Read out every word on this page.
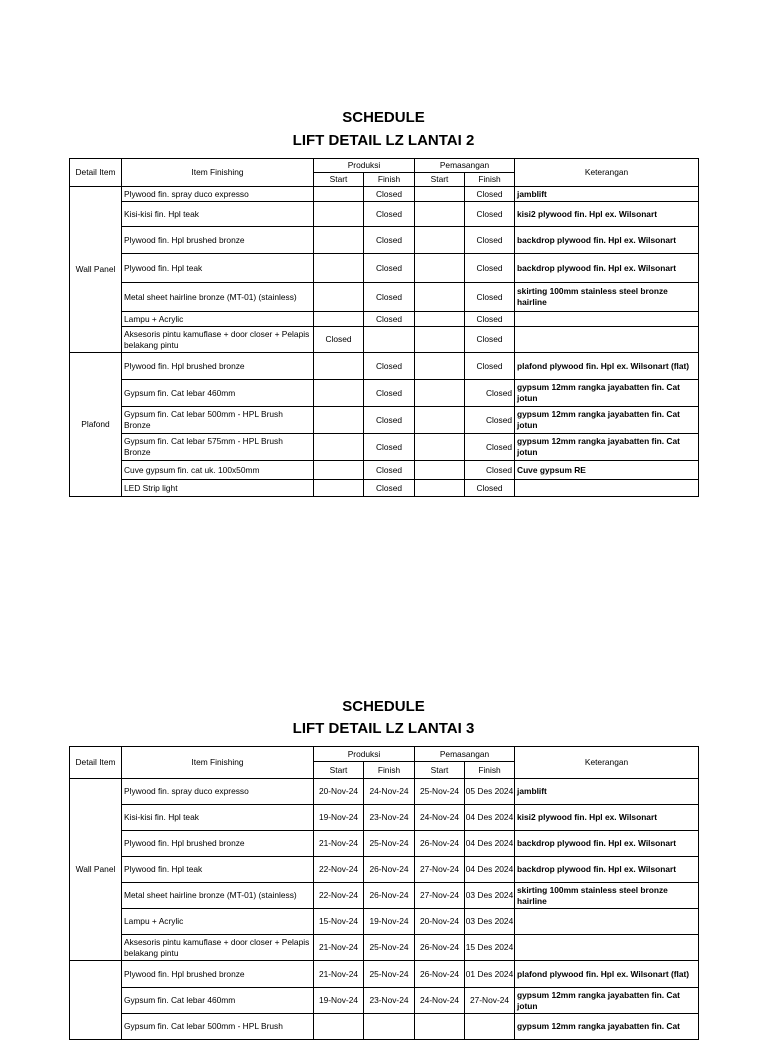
SCHEDULE
LIFT DETAIL LZ LANTAI 2
Detail Item	Item Finishing	Produksi		Pemasangan		Keterangan
		Start	Finish	Start	Finish	
Wall Panel	Plywood fin. spray duco expresso		Closed		Closed	jamblift
	Kisi-kisi fin. Hpl teak		Closed		Closed	kisi2 plywood fin. Hpl ex. Wilsonart
	Plywood fin. Hpl brushed bronze		Closed		Closed	backdrop plywood fin. Hpl ex. Wilsonart
	Plywood fin. Hpl teak		Closed		Closed	backdrop plywood fin. Hpl ex. Wilsonart
	Metal sheet hairline bronze (MT-01) (stainless)		Closed		Closed	skirting 100mm stainless steel bronze hairline
	Lampu + Acrylic		Closed		Closed	
	Aksesoris pintu kamuflase + door closer + Pelapis belakang pintu	Closed			Closed	
Plafond	Plywood fin. Hpl brushed bronze		Closed		Closed	plafond plywood fin. Hpl ex. Wilsonart (flat)
	Gypsum fin. Cat lebar 460mm		Closed		Closed	gypsum 12mm rangka jayabatten fin. Cat jotun
	Gypsum fin. Cat lebar 500mm - HPL Brush Bronze		Closed		Closed	gypsum 12mm rangka jayabatten fin. Cat jotun
	Gypsum fin. Cat lebar 575mm - HPL Brush Bronze		Closed		Closed	gypsum 12mm rangka jayabatten fin. Cat jotun
	Cuve gypsum fin. cat uk. 100x50mm		Closed		Closed	Cuve gypsum RE
	LED Strip light		Closed		Closed	
SCHEDULE
LIFT DETAIL LZ LANTAI 3
Detail Item	Item Finishing	Produksi		Pemasangan		Keterangan
		Start	Finish	Start	Finish	
Wall Panel	Plywood fin. spray duco expresso	20-Nov-24	24-Nov-24	25-Nov-24	05 Des 2024	jamblift
	Kisi-kisi fin. Hpl teak	19-Nov-24	23-Nov-24	24-Nov-24	04 Des 2024	kisi2 plywood fin. Hpl ex. Wilsonart
	Plywood fin. Hpl brushed bronze	21-Nov-24	25-Nov-24	26-Nov-24	04 Des 2024	backdrop plywood fin. Hpl ex. Wilsonart
	Plywood fin. Hpl teak	22-Nov-24	26-Nov-24	27-Nov-24	04 Des 2024	backdrop plywood fin. Hpl ex. Wilsonart
	Metal sheet hairline bronze (MT-01) (stainless)	22-Nov-24	26-Nov-24	27-Nov-24	03 Des 2024	skirting 100mm stainless steel bronze hairline
	Lampu + Acrylic	15-Nov-24	19-Nov-24	20-Nov-24	03 Des 2024	
	Aksesoris pintu kamuflase + door closer + Pelapis belakang pintu	21-Nov-24	25-Nov-24	26-Nov-24	15 Des 2024	
	Plywood fin. Hpl brushed bronze	21-Nov-24	25-Nov-24	26-Nov-24	01 Des 2024	plafond plywood fin. Hpl ex. Wilsonart (flat)
	Gypsum fin. Cat lebar 460mm	19-Nov-24	23-Nov-24	24-Nov-24	27-Nov-24	gypsum 12mm rangka jayabatten fin. Cat jotun
	Gypsum fin. Cat lebar 500mm - HPL Brush					gypsum 12mm rangka jayabatten fin. Cat
